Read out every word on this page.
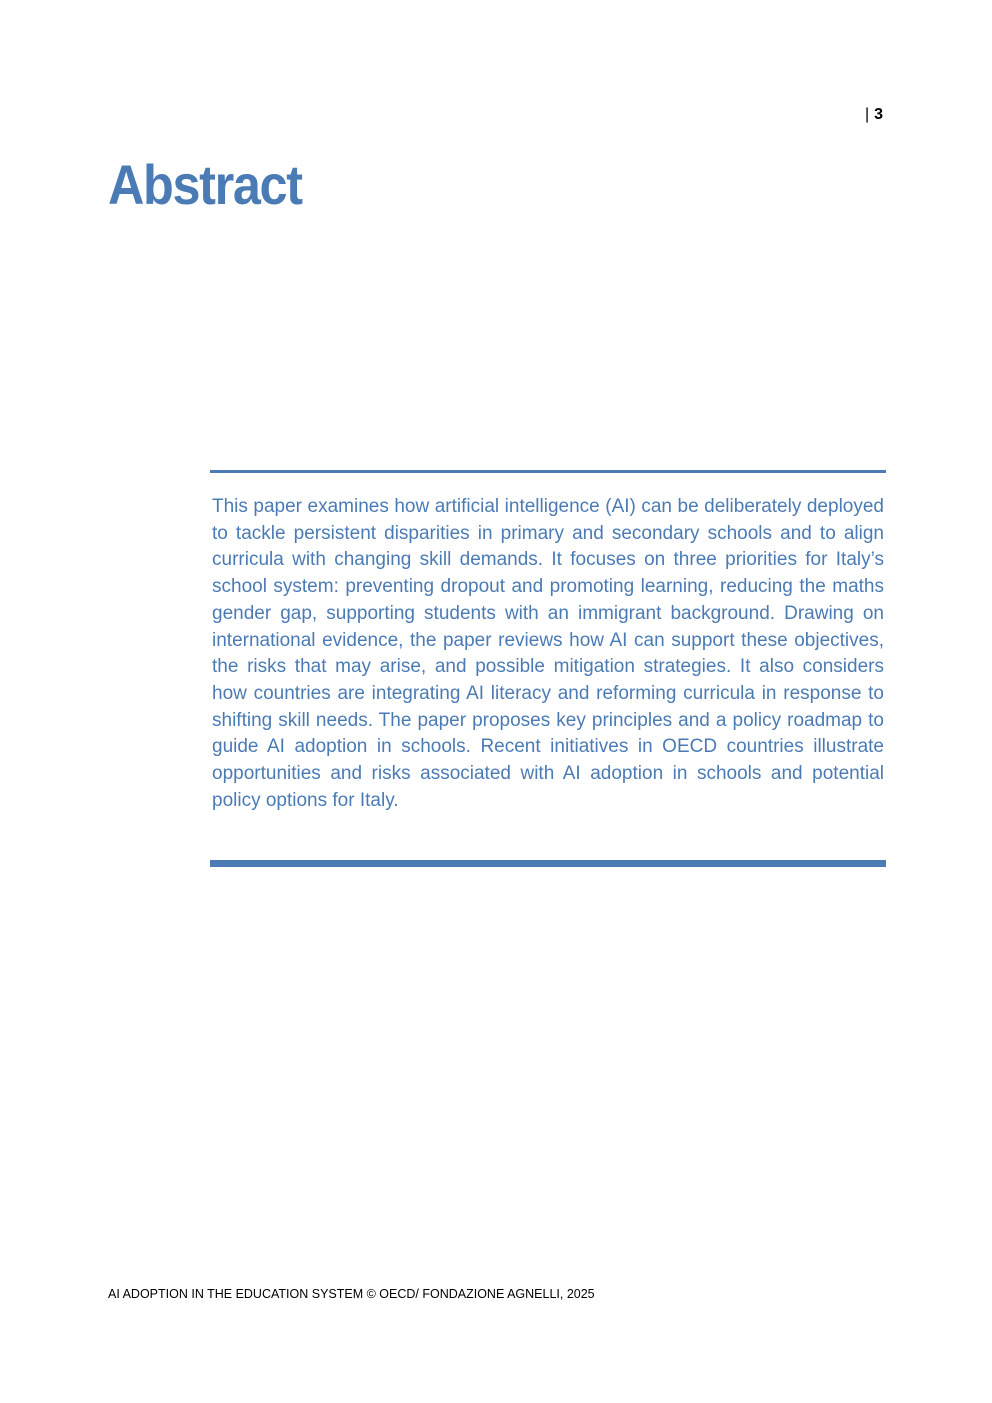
| 3
Abstract

This paper examines how artificial intelligence (AI) can be deliberately deployed to tackle persistent disparities in primary and secondary schools and to align curricula with changing skill demands. It focuses on three priorities for Italy’s school system: preventing dropout and promoting learning, reducing the maths gender gap, supporting students with an immigrant background. Drawing on international evidence, the paper reviews how AI can support these objectives, the risks that may arise, and possible mitigation strategies. It also considers how countries are integrating AI literacy and reforming curricula in response to shifting skill needs. The paper proposes key principles and a policy roadmap to guide AI adoption in schools. Recent initiatives in OECD countries illustrate opportunities and risks associated with AI adoption in schools and potential policy options for Italy.

AI ADOPTION IN THE EDUCATION SYSTEM © OECD/ FONDAZIONE AGNELLI, 2025
